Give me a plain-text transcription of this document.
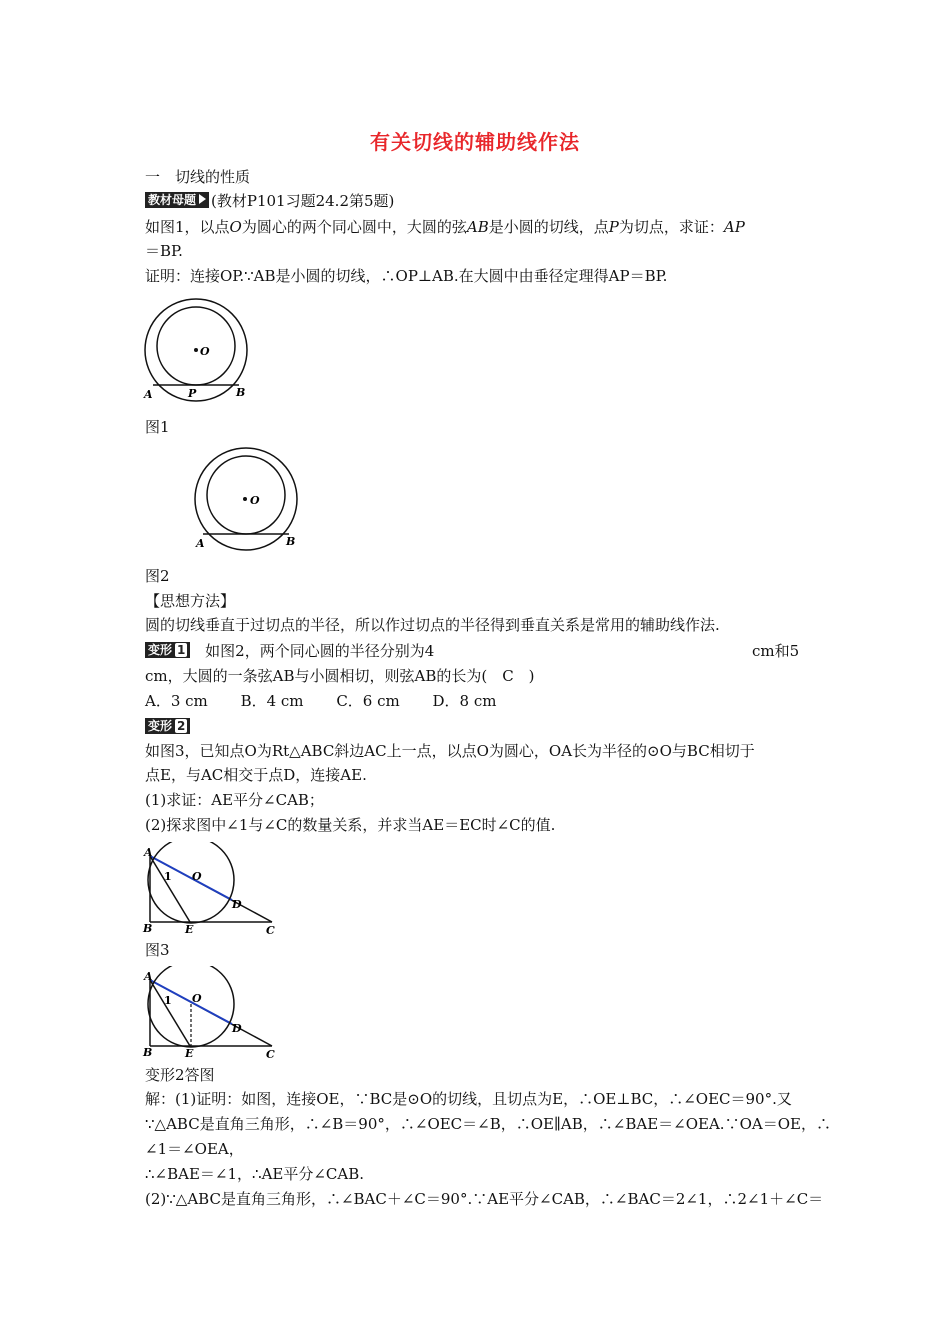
有关切线的辅助线作法
一　切线的性质
教材母题 (教材P101习题24.2第5题)
如图1，以点O为圆心的两个同心圆中，大圆的弦AB是小圆的切线，点P为切点，求证：AP
＝BP.
证明：连接OP.∵AB是小圆的切线，∴OP⊥AB.在大圆中由垂径定理得AP＝BP.
O
A	P	B
图1
O
A	B
图2
【思想方法】
圆的切线垂直于过切点的半径，所以作过切点的半径得到垂直关系是常用的辅助线作法.
变形 1 如图2，两个同心圆的半径分别为4	cm和5
cm，大圆的一条弦AB与小圆相切，则弦AB的长为(　C　)
A．3 cm B．4 cm C．6 cm D．8 cm
变形 2
如图3，已知点O为Rt△ABC斜边AC上一点，以点O为圆心，OA长为半径的⊙O与BC相切于
点E，与AC相交于点D，连接AE.
(1)求证：AE平分∠CAB；
(2)探求图中∠1与∠C的数量关系，并求当AE＝EC时∠C的值.
A
1 O
D
B	E	C
图3
A
1 O
D
B	E	C
变形2答图
解：(1)证明：如图，连接OE，∵BC是⊙O的切线，且切点为E，∴OE⊥BC，∴∠OEC＝90°.又
∵△ABC是直角三角形，∴∠B＝90°，∴∠OEC＝∠B，∴OE∥AB，∴∠BAE＝∠OEA.∵OA＝OE，∴
∠1＝∠OEA，
∴∠BAE＝∠1，∴AE平分∠CAB.
(2)∵△ABC是直角三角形，∴∠BAC＋∠C＝90°.∵AE平分∠CAB，∴∠BAC＝2∠1，∴2∠1＋∠C＝
